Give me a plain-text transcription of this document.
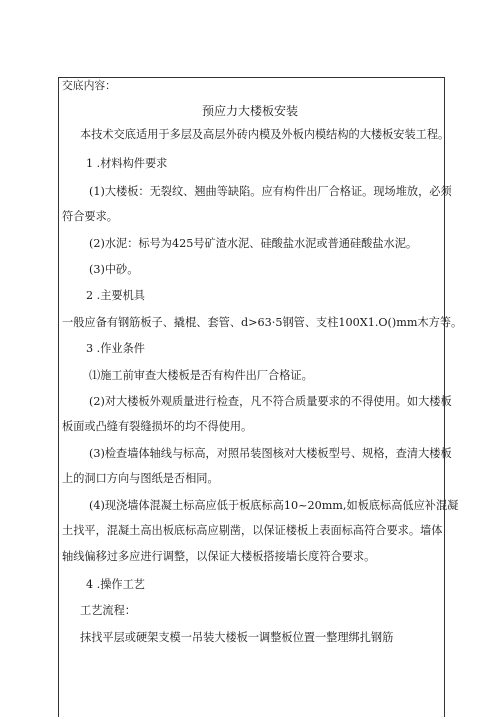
交底内容：
预应力大楼板安装
本技术交底适用于多层及高层外砖内模及外板内模结构的大楼板安装工程。
1 .材料构件要求
(1)大楼板：无裂纹、翘曲等缺陷。应有构件出厂合格证。现场堆放，必须
符合要求。
(2)水泥：标号为425号矿渣水泥、硅酸盐水泥或普通硅酸盐水泥。
(3)中砂。
2 .主要机具
一般应备有钢筋板子、撬棍、套管、d>63·5钢管、支柱100X1.O()mm木方等。
3 .作业条件
⑴施工前审查大楼板是否有构件出厂合格证。
(2)对大楼板外观质量进行检查，凡不符合质量要求的不得使用。如大楼板
板面或凸缝有裂缝损坏的均不得使用。
(3)检查墙体轴线与标高，对照吊装图核对大楼板型号、规格，查清大楼板
上的洞口方向与图纸是否相同。
(4)现浇墙体混凝土标高应低于板底标高10~20mm,如板底标高低应补混凝
土找平，混凝土高出板底标高应剔凿，以保证楼板上表面标高符合要求。墙体
轴线偏移过多应进行调整，以保证大楼板搭接墙长度符合要求。
4 .操作工艺
工艺流程：
抹找平层或硬架支模一吊装大楼板一调整板位置一整理绑扎钢筋
